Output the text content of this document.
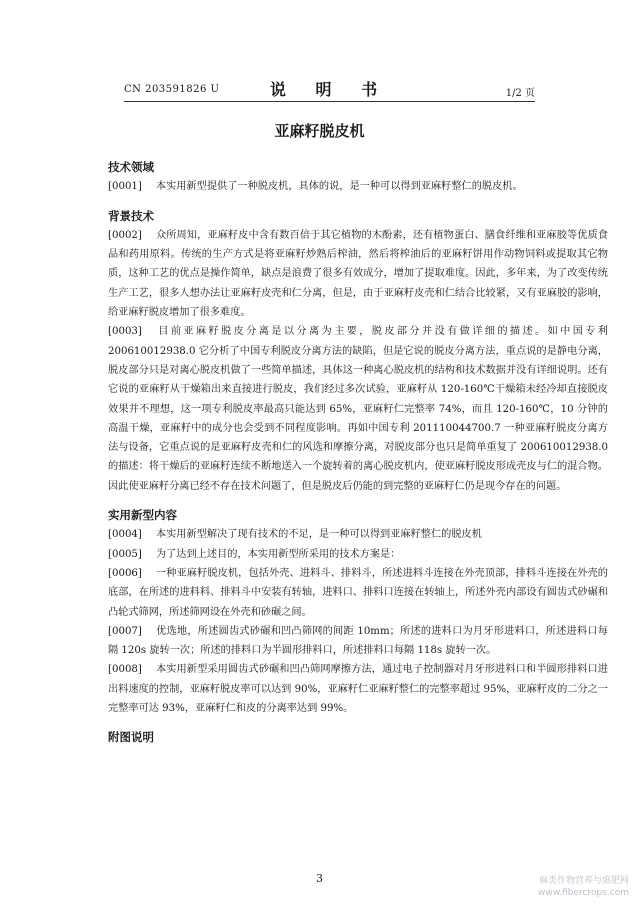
CN 203591826 U	说 明 书	1/2 页
亚麻籽脱皮机
技术领域
[0001] 本实用新型提供了一种脱皮机，具体的说，是一种可以得到亚麻籽整仁的脱皮机。
背景技术
[0002] 众所周知，亚麻籽皮中含有数百倍于其它植物的木酚素，还有植物蛋白、膳食纤维和亚麻胶等优质食品和药用原料。传统的生产方式是将亚麻籽炒熟后榨油，然后将榨油后的亚麻籽饼用作动物饲料或提取其它物质，这种工艺的优点是操作简单，缺点是浪费了很多有效成分，增加了提取难度。因此，多年来，为了改变传统生产工艺，很多人想办法让亚麻籽皮壳和仁分离，但是，由于亚麻籽皮壳和仁结合比较紧，又有亚麻胶的影响，给亚麻籽脱皮增加了很多难度。
[0003] 目前亚麻籽脱皮分离是以分离为主要，脱皮部分并没有做详细的描述。如中国专利 200610012938.0 它分析了中国专利脱皮分离方法的缺陷，但是它说的脱皮分离方法，重点说的是静电分离，脱皮部分只是对离心脱皮机做了一些简单描述，具体这一种离心脱皮机的结构和技术数据并没有详细说明。还有它说的亚麻籽从干燥箱出来直接进行脱皮，我们经过多次试验，亚麻籽从 120-160℃干燥箱未经冷却直接脱皮效果并不理想，这一项专利脱皮率最高只能达到 65%，亚麻籽仁完整率 74%，而且 120-160℃，10 分钟的高温干燥，亚麻籽中的成分也会受到不同程度影响。再如中国专利 201110044700.7 一种亚麻籽脱皮分离方法与设备，它重点说的是亚麻籽皮壳和仁的风选和摩擦分离，对脱皮部分也只是简单重复了 200610012938.0 的描述：将干燥后的亚麻籽连续不断地送入一个旋转着的离心脱皮机内，使亚麻籽脱皮形成壳皮与仁的混合物。因此使亚麻籽分离已经不存在技术问题了，但是脱皮后仍能的到完整的亚麻籽仁仍是现今存在的问题。
实用新型内容
[0004] 本实用新型解决了现有技术的不足，是一种可以得到亚麻籽整仁的脱皮机
[0005] 为了达到上述目的，本实用新型所采用的技术方案是：
[0006] 一种亚麻籽脱皮机，包括外壳、进料斗、排料斗，所述进料斗连接在外壳顶部，排料斗连接在外壳的底部，在所述的进料料、排料斗中安装有转轴，进料口、排料口连接在转轴上，所述外壳内部设有圆齿式砂碾和凸轮式筛网，所述筛网设在外壳和砂碾之间。
[0007] 优选地，所述圆齿式砂碾和凹凸筛网的间距 10mm；所述的进料口为月牙形进料口，所述进料口每隔 120s 旋转一次；所述的排料口为半圆形排料口，所述排料口每隔 118s 旋转一次。
[0008] 本实用新型采用圆齿式砂碾和凹凸筛网摩擦方法，通过电子控制器对月牙形进料口和半圆形排料口进出料速度的控制，亚麻籽脱皮率可以达到 90%，亚麻籽仁亚麻籽整仁的完整率超过 95%，亚麻籽皮的二分之一完整率可达 93%，亚麻籽仁和皮的分离率达到 99%。
附图说明
3	麻类作物营养与施肥网
www.fibercrops.com
